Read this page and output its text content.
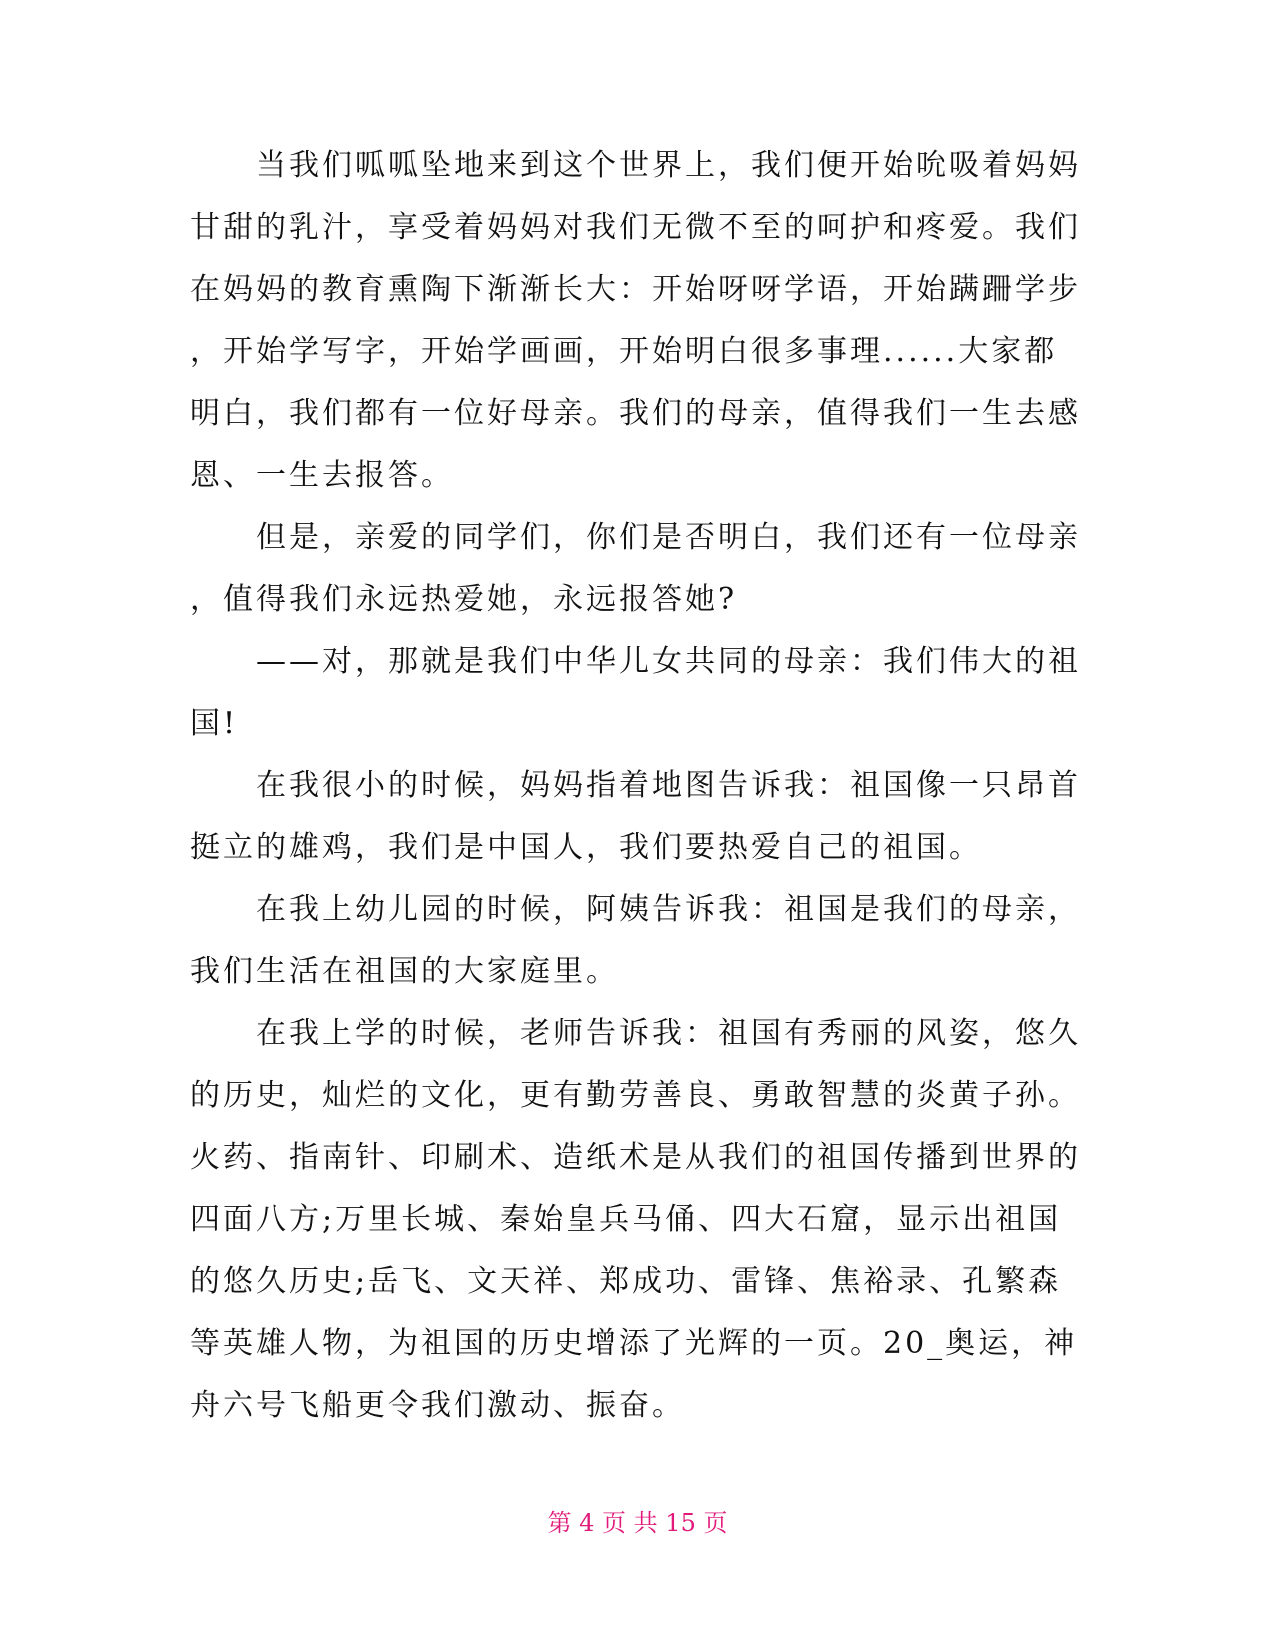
　　当我们呱呱坠地来到这个世界上，我们便开始吮吸着妈妈
甘甜的乳汁，享受着妈妈对我们无微不至的呵护和疼爱。我们
在妈妈的教育熏陶下渐渐长大：开始呀呀学语，开始蹒跚学步
，开始学写字，开始学画画，开始明白很多事理......大家都
明白，我们都有一位好母亲。我们的母亲，值得我们一生去感
恩、一生去报答。
　　但是，亲爱的同学们，你们是否明白，我们还有一位母亲
，值得我们永远热爱她，永远报答她?
　　——对，那就是我们中华儿女共同的母亲：我们伟大的祖
国!
　　在我很小的时候，妈妈指着地图告诉我：祖国像一只昂首
挺立的雄鸡，我们是中国人，我们要热爱自己的祖国。
　　在我上幼儿园的时候，阿姨告诉我：祖国是我们的母亲，
我们生活在祖国的大家庭里。
　　在我上学的时候，老师告诉我：祖国有秀丽的风姿，悠久
的历史，灿烂的文化，更有勤劳善良、勇敢智慧的炎黄子孙。
火药、指南针、印刷术、造纸术是从我们的祖国传播到世界的
四面八方;万里长城、秦始皇兵马俑、四大石窟，显示出祖国
的悠久历史;岳飞、文天祥、郑成功、雷锋、焦裕录、孔繁森
等英雄人物，为祖国的历史增添了光辉的一页。20_奥运，神
舟六号飞船更令我们激动、振奋。
第 4 页 共 15 页
